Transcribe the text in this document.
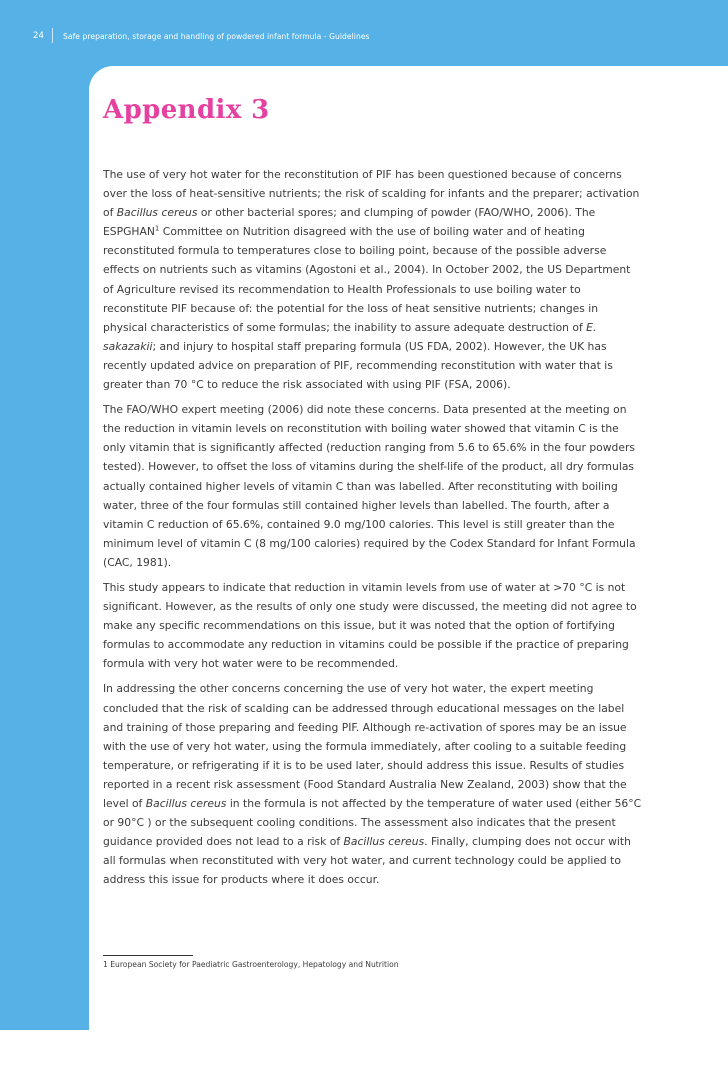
24	Safe preparation, storage and handling of powdered infant formula - Guidelines
Appendix 3

The use of very hot water for the reconstitution of PIF has been questioned because of concerns over the loss of heat-sensitive nutrients; the risk of scalding for infants and the preparer; activation of Bacillus cereus or other bacterial spores; and clumping of powder (FAO/WHO, 2006). The ESPGHAN$^1$ Committee on Nutrition disagreed with the use of boiling water and of heating reconstituted formula to temperatures close to boiling point, because of the possible adverse effects on nutrients such as vitamins (Agostoni et al., 2004). In October 2002, the US Department of Agriculture revised its recommendation to Health Professionals to use boiling water to reconstitute PIF because of: the potential for the loss of heat sensitive nutrients; changes in physical characteristics of some formulas; the inability to assure adequate destruction of E. sakazakii; and injury to hospital staff preparing formula (US FDA, 2002). However, the UK has recently updated advice on preparation of PIF, recommending reconstitution with water that is greater than 70 °C to reduce the risk associated with using PIF (FSA, 2006).

The FAO/WHO expert meeting (2006) did note these concerns. Data presented at the meeting on the reduction in vitamin levels on reconstitution with boiling water showed that vitamin C is the only vitamin that is significantly affected (reduction ranging from 5.6 to 65.6% in the four powders tested). However, to offset the loss of vitamins during the shelf-life of the product, all dry formulas actually contained higher levels of vitamin C than was labelled. After reconstituting with boiling water, three of the four formulas still contained higher levels than labelled. The fourth, after a vitamin C reduction of 65.6%, contained 9.0 mg/100 calories. This level is still greater than the minimum level of vitamin C (8 mg/100 calories) required by the Codex Standard for Infant Formula (CAC, 1981).

This study appears to indicate that reduction in vitamin levels from use of water at >70 °C is not significant. However, as the results of only one study were discussed, the meeting did not agree to make any specific recommendations on this issue, but it was noted that the option of fortifying formulas to accommodate any reduction in vitamins could be possible if the practice of preparing formula with very hot water were to be recommended.

In addressing the other concerns concerning the use of very hot water, the expert meeting concluded that the risk of scalding can be addressed through educational messages on the label and training of those preparing and feeding PIF. Although re-activation of spores may be an issue with the use of very hot water, using the formula immediately, after cooling to a suitable feeding temperature, or refrigerating if it is to be used later, should address this issue. Results of studies reported in a recent risk assessment (Food Standard Australia New Zealand, 2003) show that the level of Bacillus cereus in the formula is not affected by the temperature of water used (either 56°C or 90°C ) or the subsequent cooling conditions. The assessment also indicates that the present guidance provided does not lead to a risk of Bacillus cereus. Finally, clumping does not occur with all formulas when reconstituted with very hot water, and current technology could be applied to address this issue for products where it does occur.

1 European Society for Paediatric Gastroenterology, Hepatology and Nutrition
